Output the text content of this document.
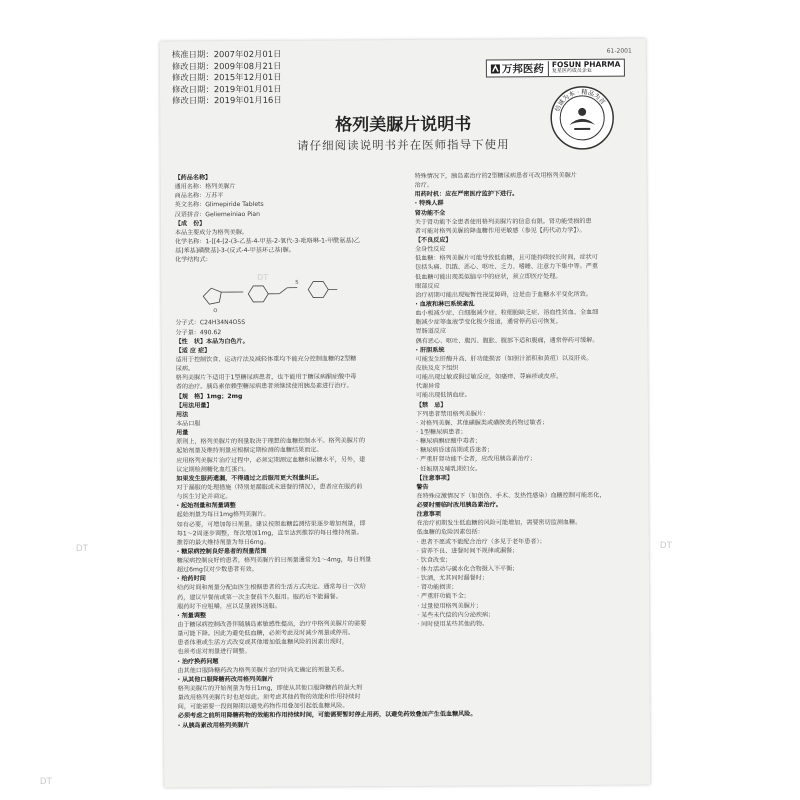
DT	DT
DT
核准日期：2007年02月01日
修改日期：2009年08月21日
修改日期：2015年12月01日
修改日期：2019年01月01日
修改日期：2019年01月16日
61-2001
万邦医药	FOSUN PHARMA
复星医药成员企业
信诚为本 · 精品为首
格列美脲片说明书
请仔细阅读说明书并在医师指导下使用
DT
【药品名称】
通用名称：格列美脲片
商品名称：万苏平
英文名称：Glimepiride Tablets
汉语拼音：Geliemeiniao Pian
【成　份】
本品主要成分为格列美脲。
化学名称：1-[[4-[2-(3-乙基-4-甲基-2-氧代-3-吡咯啉-1-甲酰氨基)乙
基]苯基]磺酰基]-3-(反式-4-甲基环己基)脲。
化学结构式：
S
O
分子式：C24H34N4O5S
分子量：490.62
【性　状】本品为白色片。
【适 应 症】
适用于控制饮食、运动疗法及减轻体重均不能充分控制血糖的2型糖
尿病。
格列美脲片不适用于1型糖尿病患者，也不能用于糖尿病酮症酸中毒
者的治疗。胰岛素依赖型糖尿病患者须继续使用胰岛素进行治疗。
【规　格】1mg；2mg
【用法用量】
用法
本品口服
用量
原则上，格列美脲片的剂量取决于理想的血糖控制水平。格列美脲片的
起始剂量及维持剂量应根据定期检测的血糖结果而定。
应用格列美脲片治疗过程中，必须定期测定血糖和尿糖水平，另外，建
议定期检测糖化血红蛋白。
如果发生服药遗漏，不得通过之后服用更大剂量纠正。
对于漏服的处理措施（特别是漏服或未进餐的情况），患者应在服药前
与医生讨论并商定。
· 起始剂量和剂量调整
起始剂量为每日1mg格列美脲片。
如有必要，可增加每日剂量。建议按照血糖监测结果逐步增加剂量，即
每1～2周逐步调整，每次增加1mg，直至达到推荐的每日维持剂量。
推荐的最大维持剂量为每日6mg。
· 糖尿病控制良好患者的剂量范围
糖尿病控制良好的患者，格列美脲片的日剂量通常为1～4mg，每日剂量
超过6mg仅对少数患者有效。
· 给药时间
给药时间和剂量分配由医生根据患者的生活方式决定。通常每日一次给
药，建议早餐前或第一次主餐前不久服用。服药后不能漏餐。
服药时不应咀嚼，应以足量液体送服。
· 剂量调整
由于糖尿病控制改善伴随胰岛素敏感性提高，治疗中格列美脲片的需要
量可能下降。因此为避免低血糖，必须考虑及时减少剂量或停用。
患者体重或生活方式改变或其他增加低血糖风险的因素出现时，
也须考虑对剂量进行调整。
· 治疗换药问题
由其他口服降糖药改为格列美脲片治疗时尚无确定的剂量关系。
· 从其他口服降糖药改用格列美脲片
格列美脲片的开始剂量为每日1mg，即使从其他口服降糖药的最大剂
量改用格列美脲片时也是如此。须考虑其他药物的效能和作用持续时
间，可能需要一段间隔期以避免药物作用叠加引起低血糖风险。
必须考虑之前所用降糖药物的效能和作用持续时间，可能需要暂时停止用药，以避免药效叠加产生低血糖风险。
· 从胰岛素改用格列美脲片
特殊情况下，胰岛素治疗的2型糖尿病患者可改用格列美脲片
治疗。
用药时机：应在严密医疗监护下进行。
· 特殊人群
肾功能不全
关于肾功能不全患者使用格列美脲片的信息有限。肾功能受损的患
者可能对格列美脲的降血糖作用更敏感（参见【药代动力学】）。
【不良反应】
全身性反应
低血糖：格列美脲片可能导致低血糖，且可能持续较长时间，症状可
包括头痛、饥饿、恶心、呕吐、乏力、嗜睡、注意力不集中等。严重
低血糖可能出现类似脑卒中的症状，须立即医疗处理。
眼部反应
治疗初期可能出现短暂性视觉障碍，这是由于血糖水平变化所致。
· 血液和淋巴系统紊乱
血小板减少症、白细胞减少症、粒细胞缺乏症、溶血性贫血、全血细
胞减少症等血液学变化极少报道，通常停药后可恢复。
胃肠道反应
偶有恶心、呕吐、腹泻、腹胀、腹部不适和腹痛，通常停药可缓解。
· 肝胆系统
可能发生肝酶升高、肝功能损害（如胆汁淤积和黄疸）以及肝炎。
皮肤及皮下组织
可能出现过敏或假过敏反应，如瘙痒、荨麻疹或皮疹。
代谢异常
可能出现低钠血症。
【禁　忌】
下列患者禁用格列美脲片：
· 对格列美脲、其他磺脲类或磺胺类药物过敏者；
· 1型糖尿病患者；
· 糖尿病酮症酸中毒者；
· 糖尿病昏迷前期或昏迷者；
· 严重肝肾功能不全者，应改用胰岛素治疗；
· 妊娠期及哺乳期妇女。
【注意事项】
警告
在特殊应激情况下（如创伤、手术、发热性感染）血糖控制可能恶化，
必要时需临时改用胰岛素治疗。
注意事项
在治疗初期发生低血糖的风险可能增加，需要密切监测血糖。
低血糖的危险因素包括：
· 患者不愿或不能配合治疗（多见于老年患者）；
· 营养不良、进餐时间不规律或漏餐；
· 饮食改变；
· 体力活动与碳水化合物摄入不平衡；
· 饮酒，尤其同时漏餐时；
· 肾功能损害；
· 严重肝功能不全；
· 过量使用格列美脲片；
· 某些未代偿的内分泌疾病；
· 同时使用某些其他药物。
